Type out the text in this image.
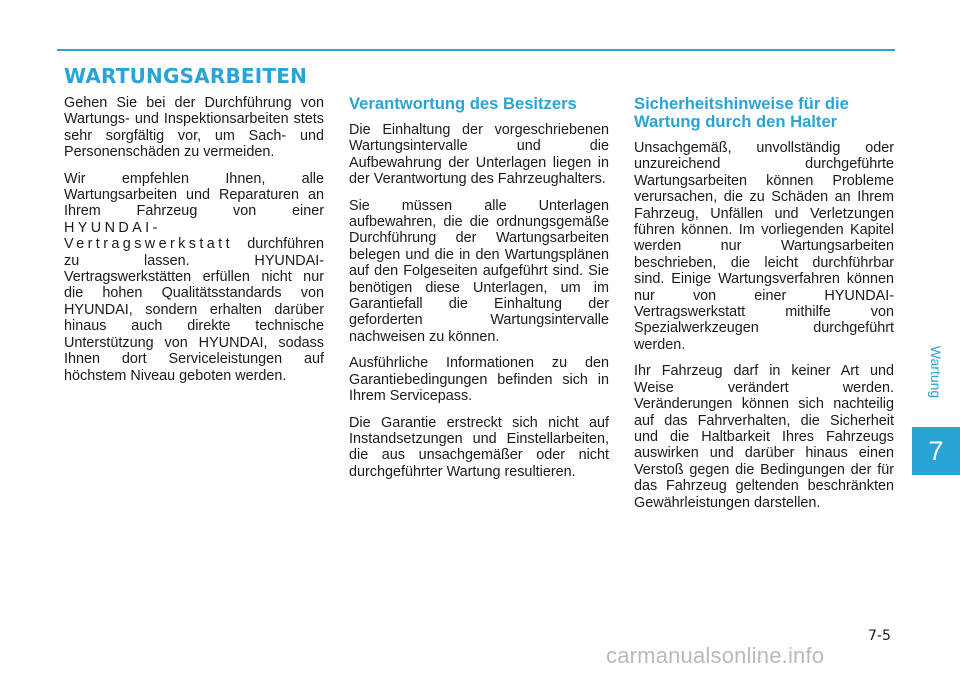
WARTUNGSARBEITEN

Gehen Sie bei der Durchführung von Wartungs- und Inspektionsarbeiten stets sehr sorgfältig vor, um Sach- und Personenschäden zu vermeiden.

Wir empfehlen Ihnen, alle Wartungsarbeiten und Reparaturen an Ihrem Fahrzeug von einer HYUNDAI-Vertragswerkstatt durchführen zu lassen. HYUNDAI-Vertragswerkstätten erfüllen nicht nur die hohen Qualitätsstandards von HYUNDAI, sondern erhalten darüber hinaus auch direkte technische Unterstützung von HYUNDAI, sodass Ihnen dort Serviceleistungen auf höchstem Niveau geboten werden.

Verantwortung des Besitzers

Die Einhaltung der vorgeschriebenen Wartungsintervalle und die Aufbewahrung der Unterlagen liegen in der Verantwortung des Fahrzeughalters.

Sie müssen alle Unterlagen aufbewahren, die die ordnungsgemäße Durchführung der Wartungsarbeiten belegen und die in den Wartungsplänen auf den Folgeseiten aufgeführt sind. Sie benötigen diese Unterlagen, um im Garantiefall die Einhaltung der geforderten Wartungsintervalle nachweisen zu können.

Ausführliche Informationen zu den Garantiebedingungen befinden sich in Ihrem Servicepass.

Die Garantie erstreckt sich nicht auf Instandsetzungen und Einstellarbeiten, die aus unsachgemäßer oder nicht durchgeführter Wartung resultieren.

Sicherheitshinweise für die Wartung durch den Halter

Unsachgemäß, unvollständig oder unzureichend durchgeführte Wartungsarbeiten können Probleme verursachen, die zu Schäden an Ihrem Fahrzeug, Unfällen und Verletzungen führen können. Im vorliegenden Kapitel werden nur Wartungsarbeiten beschrieben, die leicht durchführbar sind. Einige Wartungsverfahren können nur von einer HYUNDAI-Vertragswerkstatt mithilfe von Spezialwerkzeugen durchgeführt werden.

Ihr Fahrzeug darf in keiner Art und Weise verändert werden. Veränderungen können sich nachteilig auf das Fahrverhalten, die Sicherheit und die Haltbarkeit Ihres Fahrzeugs auswirken und darüber hinaus einen Verstoß gegen die Bedingungen der für das Fahrzeug geltenden beschränkten Gewährleistungen darstellen.

Wartung
7
7-5
carmanualsonline.info
